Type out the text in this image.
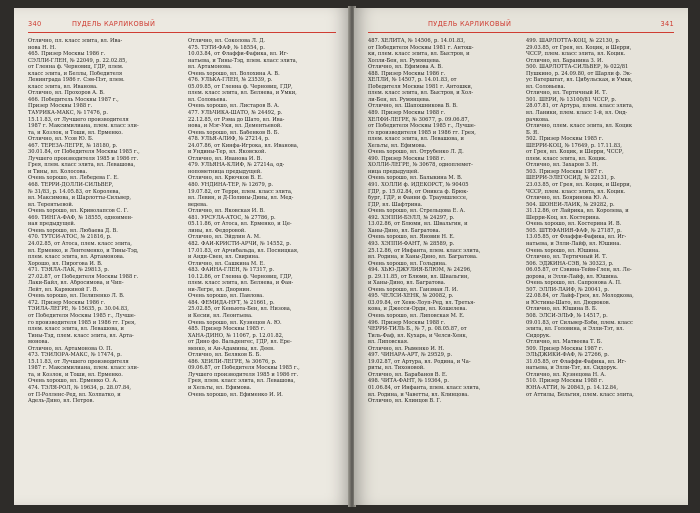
340	ПУДЕЛЬ КАРЛИКОВЫЙ
Отлично, пл. класс элита, вл. Ива-
нова Н. Н.
465. Призер Москвы 1986 г.
СЭЛЛИ-ГЛЕН, № 22049, р. 22.02.85,
от Гленна ф. Черновиц, ГДР, плем.
класс элита, и Беллы, Победителя
Ленинграда 1986 г. Сэм-Пэт, плем.
класс элита, вл. Иванова.
Отлично, вл. Прохоров А. В.
466. Победитель Москвы 1987 г.,
Призер Москвы 1988 г.
ТАУРИКА-МАКС, № 17476, р.
15.11.83, от Лучшего производителя
1987 г. Максимилиана, плем. класс эли-
та, и Козлок, и Тоши, вл. Ерменко.
Отлично, вл. Усов Ю. Б.
467. ТЕРЕЗА-ЛЕГРЕ, № 18180, р.
30.01.84, от Победителя Москвы 1985 г.,
Лучшего производителя 1985 и 1986 гг.
Грея, плем. класс элита, вл. Левашова,
и Тины, вл. Колосова.
Очень хорошо, вл. Лебедева Г. Е.
468. ТЕРРИ-ДОЛЛИ-СИЛЬВЕР,
№ 31/83, р. 14.05.83, от Королева,
вл. Максимова, и Шарлотты-Сильвер,
вл. Терентьевой.
Очень хорошо, вл. Криволапсов С. Г.
469. ТИНГА-ФАФ, № 18555, одноимен-
ная предыдущей.
Очень хорошо, вл. Любаева Д. В.
470. ТУТСИ-АТОС, № 21816, р.
24.02.85, от Атоса, плем. класс элита,
вл. Ерменко, и Лентеменко, и Тины-Тэд,
плем. класс элита, вл. Артамонова.
Хорошо, вл. Пирогова И. В.
471. ТЭЯЛА-ЛАК, № 29813, р.
27.02.87, от Победителя Москвы 1988 г.
Лаки-Байл, вл. Абросимова, и Чип-
Лейт, вл. Карякиной Г. В.
Очень хорошо, вл. Пелипенко Л. В.
472. Призер Москвы 1986 г.
ТЭЙЛА-ЛЕГРЕ, № 15635, р. 30.04.83,
от Победителя Москвы 1985 г., Лучше-
го производителя 1985 и 1986 гг. Грея,
плем. класс элита, вл. Левашова, и
Тины-Тэд, плем. класс элита, вл. Арта-
монова.
Отлично, вл. Артамонова О. П.
473. ТЭЙЛОРА-МАКС, № 17474, р.
15.11.83, от Лучшего производителя
1987 г. Максимилиана, плем. класс эли-
та, и Козлок, и Тоши, вл. Ерменко.
Очень хорошо, вл. Ерменко О. А.
474. ТЭЛЯ-РОЛ, № 19634, р. 28.07.84,
от П-Ролленс-Ред, вл. Холпатко, и
Адель-Дино, вл. Петров.
Отлично, вл. Соколова Л. Д.
475. ТЭТИ-ФАФ, № 18554, р.
10.03.84, от Флаффи-Фафика, вл. Иг-
натьева, и Тины-Тэд, плем. класс элита,
вл. Артамонова.
Очень хорошо, вл. Волохина А. В.
476. УЛЬКА-ГЛЕН, № 23539, р.
05.09.85, от Гленна ф. Черновиц, ГДР,
плем. класс элита, вл. Беляева, и Умки,
вл. Соловьева.
Очень хорошо, вл. Листаров В. А.
477. УЛЬЧИКА-ШАТО, № 24492, р.
22.12.85, от Рэма до Шато, вл. Ива-
нова, и Мэг-Уки, вл. Дементьевой.
Очень хорошо, вл. Бабенков В. Б.
478. УЛЬЯ-АЛИФ, № 27214, р.
24.07.86, от Кинфа-Игрока, вл. Иванова,
и Ундины-Тер, вл. Яковской.
Отлично, вл. Иванова И. В.
479. УЛЬЯНА-КЛИФ, № 27214а, од-
нопометница предыдущей.
Отлично, вл. Крючков В. Е.
480. УНДИНА-ТЕР, № 12679, р.
19.07.82, от Терри, плем. класс элита,
вл. Левин, и Д-Полины-Дины, вл. Мед-
ведева.
Отлично, вл. Яковская И. В.
481. УРСУЛА-АТОС, № 27786, р.
05.11.86, от Атоса, вл. Ерменко, и Це-
лины, вл. Федоровой.
Отлично, вл. Эйдлин А. М.
482. ФАЙ-КРИСТИ-АРЧИ, № 14552, р.
17.01.83, от Арчибальда, вл. Посницкая,
и Анди-Свен, вл. Свирина.
Отлично, вл. Сашкина М. Е.
483. ФАЙНА-ГЛЕН, № 17317, р.
10.12.86, от Гленна ф. Черновиц, ГДР,
плем. класс элита, вл. Беляева, и Фан-
ни-Легре, вл. Дворнин.
Очень хорошо, вл. Павлова.
484. ФЕМИДА-НУТ, № 21661, р.
25.02.85, от Кеньюта-Бен, вл. Низова,
и Кесии, вл. Леонтьева.
Очень хорошо, вл. Кузнецов А. Ю.
485. Призер Москвы 1985 г.
ХАНА-ДИНО, № 11067, р. 12.01.82,
от Дино фо. Вальденгес, ГДР, вл. Ере-
менко, и Ан-Адамины, вл. Деев.
Отлично, вл. Беляков Б. Б.
486. ХЕЙЛИ-ЛЕГРЕ, № 30676, р.
09.06.87, от Победителя Москвы 1985 г.,
Лучшего производителя 1985 и 1986 гг.
Грея, плем. класс элита, вл. Левашова,
и Хельты, вл. Ефимова.
Очень хорошо, вл. Ефименко И. И.
ПУДЕЛЬ КАРЛИКОВЫЙ	341
487. ХЕЛИТА, № 14506, р. 14.01.83,
от Победителя Москвы 1981 г. Антош-
ки, плем. класс элита, вл. Быстров, и
Холли-Бен, вл. Румянцева.
Отлично, вл. Ефимова А. В.
488. Призер Москвы 1986 г.
ХЕЛЛИ, № 14507, р. 14.01.83, от
Победителя Москвы 1981 г. Антошки,
плем. класс элита, вл. Быстров, и Хол-
ли-Бен, вл. Румянцева.
Отлично, вл. Шапошникова В. В.
489. Призер Москвы 1988 г.
ХЕЛФИ-ЛЕГРЕ, № 30677, р. 09.06.87,
от Победителя Москвы 1985 г., Лучше-
го производителя 1985 и 1986 гг. Грея,
плем. класс элита, вл. Левашова, и
Хельты, вл. Ефимова.
Очень хорошо, вл. Отрубенко Л. Д.
490. Призер Москвы 1988 г.
ХОЛЛИ-ЛЕГРЕ, № 30678, одноплемет-
ница предыдущей.
Очень хорошо, вл. Балыкина М. В.
491. ХОЛЛИ ф. ИДЕКОРСТ, № 90405
ГДР, р. 15.02.84, от Оникса ф. Брюк-
бург, ГДР, и Фанни ф. Траумшлессе,
ГДР, вл. Шафтрина.
Очень хорошо, вл. Стрельцова Е. А.
492. ХЭППИ-БЭЛЛ, № 24297, р.
13.02.86, от Блюми, вл. Швальгин, и
Ханы-Дино, вл. Багратова.
Очень хорошо, вл. Яновин Н. Е.
493. ХЭППИ-ФАНТ, № 28589, р.
25.12.86, от Инфанта, плем. класс элита,
вл. Родина, и Ханы-Дино, вл. Багратова.
Очень хорошо, вл. Гольдина.
494. ХЬЮ-ДЖУЛИЯ-БЛЮМ, № 24296,
р. 29.11.85, от Блюми, вл. Швальгин,
и Ханы-Дино, вл. Багратова.
Очень хорошо, вл. Ганзман Л. И.
495. ЧЕЛСИ-ХЕНК, № 20082, р.
03.09.84, от Хенк-Лоуп-Ред, вл. Третья-
кова, и Джесси-Орди, вл. Кошелева.
Очень хорошо, вл. Липовская М. Е.
496. Призер Москвы 1988 г.
ЧЕРРИ-ТИЛЬ Б., № 7, р. 08.05.87, от
Тиль-Фаф, вл. Кухарь, и Челси-Хенк,
вл. Липовская.
Отлично, вл. Рыменко И. Н.
497. ЧИНАРА-АРТ, № 29529, р.
19.02.87, от Артура, вл. Родина, и Ча-
риты, вл. Тихоновой.
Отлично, вл. Барабанов В. Е.
498. ЧИТА-ФАНТ, № 19364, р.
01.06.84, от Инфанта, плем. класс элита,
вл. Родина, и Чаветты, вл. Клинцова.
Отлично, вл. Клинцов В. Г.
499. ШАРЛОТТА-КОЦ, № 22130, р.
29.03.85, от Грея, вл. Коцик, и Шерри,
ЧССР, плем. класс элита, вл. Коцик.
Отлично, вл. Баранина З. И.
500. ШАРЛОТТА-СИЛЬВЕР, № 022/81
Пушкино, р. 24.09.80, от Шарли ф. Эк-
ус Ватерштат, вл. Цибульская, и Умки,
вл. Соловьева.
Отлично, вл. Тертичный И. Т.
501. ШЕРИ, № 13100/81 ЧССР, р.
28.07.81, от Артура, плем. класс элита,
вл. Ланики, плем. класс 1-й, вл. Онд-
рачкова.
Отлично, плем. класс элита, вл. Коцик
Б. Я.
502. Призер Москвы 1985 г.
ШЕРРИ-КОЦ, № 17649, р. 17.11.83,
от Грея, вл. Коцик, и Шерри, ЧССР,
плем. класс элита, вл. Коцик.
Отлично, вл. Захаров З. Н.
503. Призер Москвы 1987 г.
ШЕРРИ-ЭЛЕГОСИД, № 22131, р.
23.03.85, от Грея, вл. Коцик, и Шерри,
ЧССР, плем. класс элита, вл. Коцик.
Отлично, вл. Бояринова Ю. А.
504. ШОНЕЙ-ЛАЙК, № 29282, р.
31.12.86, от Лайрика, вл. Королева, и
Шерри-Коц, вл. Костерина.
Очень хорошо, вл. Костерина И. В.
505. ШТЕФАНИЯ-ФАФ, № 27187, р.
13.05.85, от Флаффи-Фафика, вл. Иг-
натьева, и Элли-Лайф, вл. Юшина.
Очень хорошо, вл. Юшина.
Отлично, вл. Тертичный И. Т.
506. ЭДЖИНА-СЭВ, № 30323, р.
06.05.87, от Сэвина-Тейм-Глен, вл. Ле-
дорова, и Элли-Лайф, вл. Юшина.
Очень хорошо, вл. Сапронова А. П.
507. ЭЛЛИ-ЛАЙФ, № 20041, р.
22.08.84, от Лайф-Грея, вл. Молодкова,
и Юстины-Шато, вл. Дюдюков.
Отлично, вл. Юшина В. Б.
508. ЭЛСИ-ЭЛЬФ, № 14517, р.
09.01.83, от Сильвер-Бэби, плем. класс
элита, вл. Головина, и Элли-Тэт, вл.
Сидорук.
Отлично, вл. Матвеева Т. Б.
509. Призер Москвы 1987 г.
ЭЛЬДЖИКИ-ФАФ, № 27266, р.
31.05.85, от Флаффи-Фафика, вл. Иг-
натьева, и Элли-Тэт, вл. Сидорук.
Отлично, вл. Кузнецова Н. А.
510. Призер Москвы 1988 г.
ЮНА-АТТИ, № 20843, р. 14.12.84,
от Аттилы, Бельгия, плем. класс элита,
